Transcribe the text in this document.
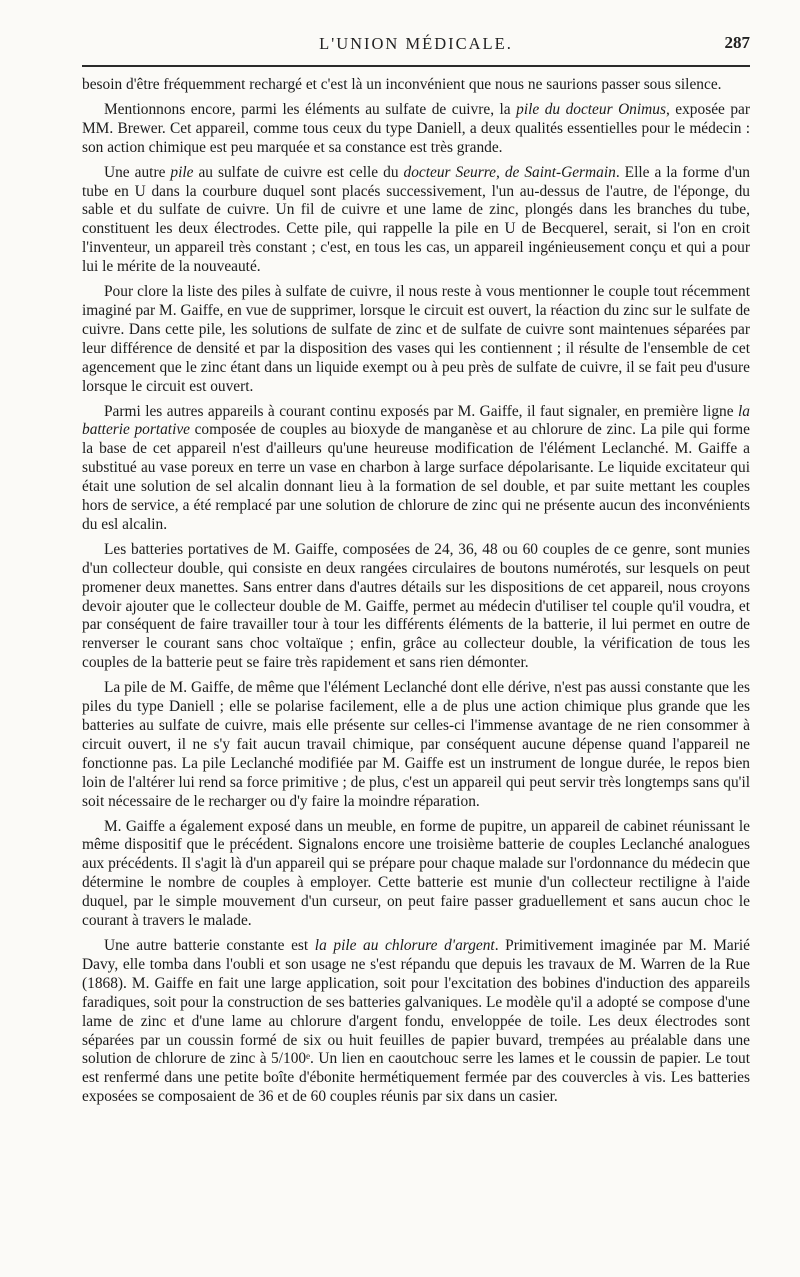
L'UNION MÉDICALE.	287

besoin d'être fréquemment rechargé et c'est là un inconvénient que nous ne saurions passer sous silence.

Mentionnons encore, parmi les éléments au sulfate de cuivre, la pile du docteur Onimus, exposée par MM. Brewer. Cet appareil, comme tous ceux du type Daniell, a deux qualités essentielles pour le médecin : son action chimique est peu marquée et sa constance est très grande.

Une autre pile au sulfate de cuivre est celle du docteur Seurre, de Saint-Germain. Elle a la forme d'un tube en U dans la courbure duquel sont placés successivement, l'un au-dessus de l'autre, de l'éponge, du sable et du sulfate de cuivre. Un fil de cuivre et une lame de zinc, plongés dans les branches du tube, constituent les deux électrodes. Cette pile, qui rappelle la pile en U de Becquerel, serait, si l'on en croit l'inventeur, un appareil très constant ; c'est, en tous les cas, un appareil ingénieusement conçu et qui a pour lui le mérite de la nouveauté.

Pour clore la liste des piles à sulfate de cuivre, il nous reste à vous mentionner le couple tout récemment imaginé par M. Gaiffe, en vue de supprimer, lorsque le circuit est ouvert, la réaction du zinc sur le sulfate de cuivre. Dans cette pile, les solutions de sulfate de zinc et de sulfate de cuivre sont maintenues séparées par leur différence de densité et par la disposition des vases qui les contiennent ; il résulte de l'ensemble de cet agencement que le zinc étant dans un liquide exempt ou à peu près de sulfate de cuivre, il se fait peu d'usure lorsque le circuit est ouvert.

Parmi les autres appareils à courant continu exposés par M. Gaiffe, il faut signaler, en première ligne la batterie portative composée de couples au bioxyde de manganèse et au chlorure de zinc. La pile qui forme la base de cet appareil n'est d'ailleurs qu'une heureuse modification de l'élément Leclanché. M. Gaiffe a substitué au vase poreux en terre un vase en charbon à large surface dépolarisante. Le liquide excitateur qui était une solution de sel alcalin donnant lieu à la formation de sel double, et par suite mettant les couples hors de service, a été remplacé par une solution de chlorure de zinc qui ne présente aucun des inconvénients du esl alcalin.

Les batteries portatives de M. Gaiffe, composées de 24, 36, 48 ou 60 couples de ce genre, sont munies d'un collecteur double, qui consiste en deux rangées circulaires de boutons numérotés, sur lesquels on peut promener deux manettes. Sans entrer dans d'autres détails sur les dispositions de cet appareil, nous croyons devoir ajouter que le collecteur double de M. Gaiffe, permet au médecin d'utiliser tel couple qu'il voudra, et par conséquent de faire travailler tour à tour les différents éléments de la batterie, il lui permet en outre de renverser le courant sans choc voltaïque ; enfin, grâce au collecteur double, la vérification de tous les couples de la batterie peut se faire très rapidement et sans rien démonter.

La pile de M. Gaiffe, de même que l'élément Leclanché dont elle dérive, n'est pas aussi constante que les piles du type Daniell ; elle se polarise facilement, elle a de plus une action chimique plus grande que les batteries au sulfate de cuivre, mais elle présente sur celles-ci l'immense avantage de ne rien consommer à circuit ouvert, il ne s'y fait aucun travail chimique, par conséquent aucune dépense quand l'appareil ne fonctionne pas. La pile Leclanché modifiée par M. Gaiffe est un instrument de longue durée, le repos bien loin de l'altérer lui rend sa force primitive ; de plus, c'est un appareil qui peut servir très longtemps sans qu'il soit nécessaire de le recharger ou d'y faire la moindre réparation.

M. Gaiffe a également exposé dans un meuble, en forme de pupitre, un appareil de cabinet réunissant le même dispositif que le précédent. Signalons encore une troisième batterie de couples Leclanché analogues aux précédents. Il s'agit là d'un appareil qui se prépare pour chaque malade sur l'ordonnance du médecin que détermine le nombre de couples à employer. Cette batterie est munie d'un collecteur rectiligne à l'aide duquel, par le simple mouvement d'un curseur, on peut faire passer graduellement et sans aucun choc le courant à travers le malade.

Une autre batterie constante est la pile au chlorure d'argent. Primitivement imaginée par M. Marié Davy, elle tomba dans l'oubli et son usage ne s'est répandu que depuis les travaux de M. Warren de la Rue (1868). M. Gaiffe en fait une large application, soit pour l'excitation des bobines d'induction des appareils faradiques, soit pour la construction de ses batteries galvaniques. Le modèle qu'il a adopté se compose d'une lame de zinc et d'une lame au chlorure d'argent fondu, enveloppée de toile. Les deux électrodes sont séparées par un coussin formé de six ou huit feuilles de papier buvard, trempées au préalable dans une solution de chlorure de zinc à 5/100ᵉ. Un lien en caoutchouc serre les lames et le coussin de papier. Le tout est renfermé dans une petite boîte d'ébonite hermétiquement fermée par des couvercles à vis. Les batteries exposées se composaient de 36 et de 60 couples réunis par six dans un casier.
